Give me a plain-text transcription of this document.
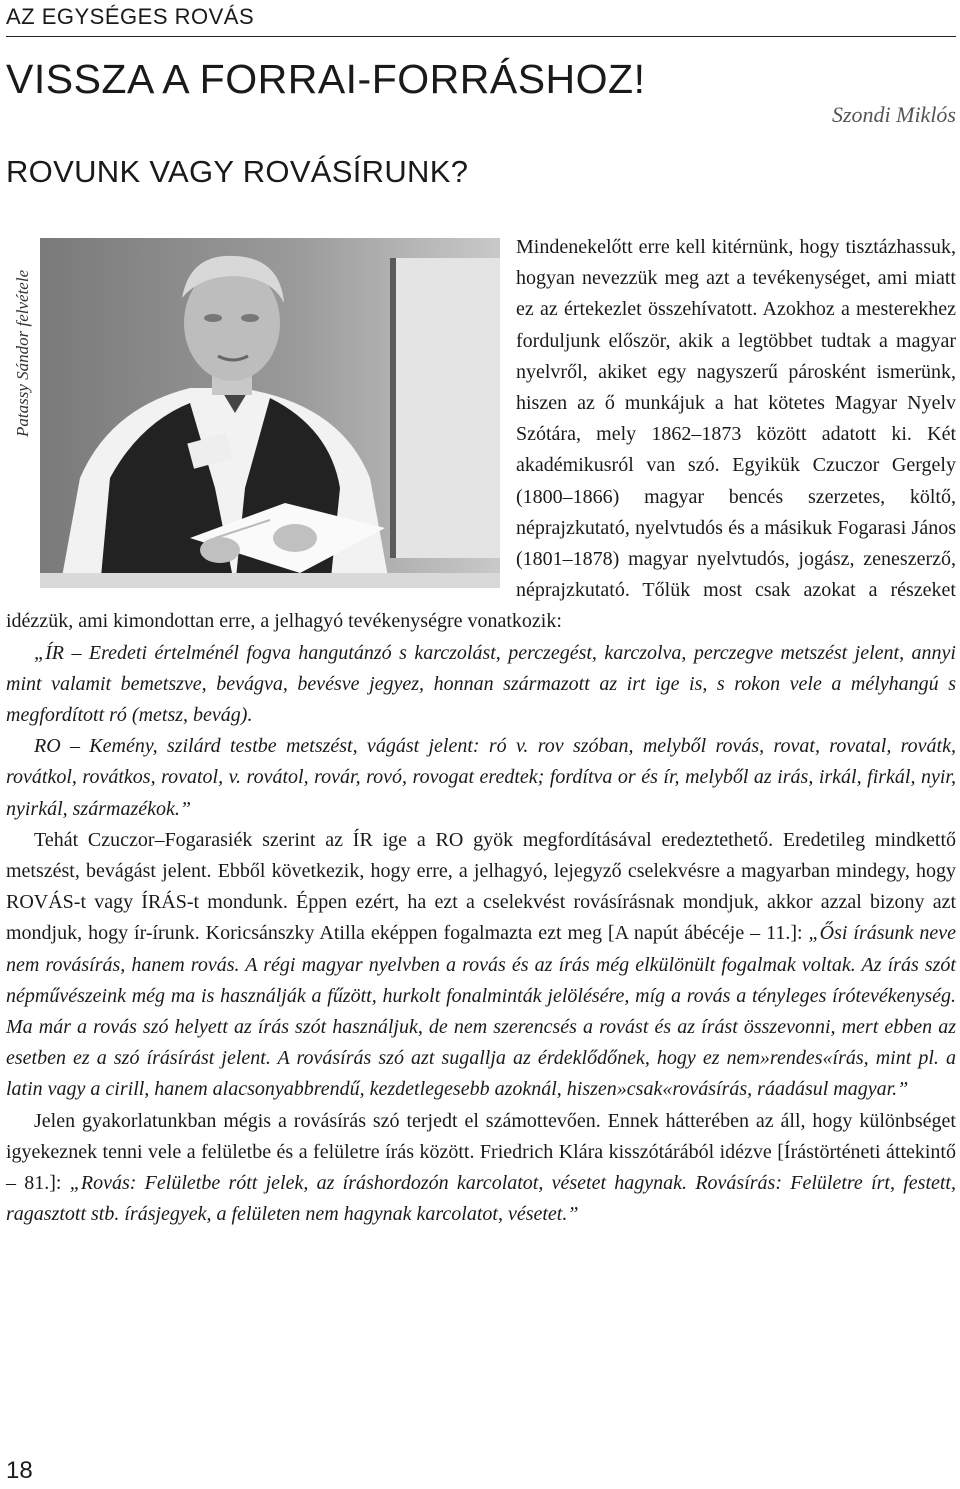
AZ EGYSÉGES ROVÁS
VISSZA A FORRAI-FORRÁSHOZ!
Szondi Miklós
ROVUNK VAGY ROVÁSÍRUNK?
Patassy Sándor felvétele

Mindenekelőtt erre kell kitérnünk, hogy tisztázhassuk, hogyan nevezzük meg azt a tevékenységet, ami miatt ez az értekezlet összehívatott. Azokhoz a mesterekhez forduljunk először, akik a legtöbbet tudtak a magyar nyelvről, akiket egy nagyszerű párosként ismerünk, hiszen az ő munkájuk a hat kötetes Magyar Nyelv Szótára, mely 1862–1873 között adatott ki. Két akadémikusról van szó. Egyikük Czuczor Gergely (1800–1866) magyar bencés szerzetes, költő, néprajzkutató, nyelvtudós és a másikuk Fogarasi János (1801–1878) magyar nyelvtudós, jogász, zeneszerző, néprajzkutató. Tőlük most csak azokat a részeket idézzük, ami kimondottan erre, a jelhagyó tevékenységre vonatkozik:

„ÍR – Eredeti értelménél fogva hangutánzó s karczolást, perczegést, karczolva, perczegve metszést jelent, annyi mint valamit bemetszve, bevágva, bevésve jegyez, honnan származott az irt ige is, s rokon vele a mélyhangú s megfordított ró (metsz, bevág).

RO – Kemény, szilárd testbe metszést, vágást jelent: ró v. rov szóban, melyből rovás, rovat, rovatal, rovátk, rovátkol, rovátkos, rovatol, v. rovátol, rovár, rovó, rovogat eredtek; fordítva or és ír, melyből az irás, irkál, firkál, nyir, nyirkál, származékok.”

Tehát Czuczor–Fogarasiék szerint az ÍR ige a RO gyök megfordításával eredeztethető. Eredetileg mindkettő metszést, bevágást jelent. Ebből következik, hogy erre, a jelhagyó, lejegyző cselekvésre a magyarban mindegy, hogy ROVÁS-t vagy ÍRÁS-t mondunk. Éppen ezért, ha ezt a cselekvést rovásírásnak mondjuk, akkor azzal bizony azt mondjuk, hogy ír-írunk. Koricsánszky Atilla eképpen fogalmazta ezt meg [A napút ábécéje – 11.]: „Ősi írásunk neve nem rovásírás, hanem rovás. A régi magyar nyelvben a rovás és az írás még elkülönült fogalmak voltak. Az írás szót népművészeink még ma is használják a fűzött, hurkolt fonalminták jelölésére, míg a rovás a tényleges írótevékenység. Ma már a rovás szó helyett az írás szót használjuk, de nem szerencsés a rovást és az írást összevonni, mert ebben az esetben ez a szó írásírást jelent. A rovásírás szó azt sugallja az érdeklődőnek, hogy ez nem»rendes«írás, mint pl. a latin vagy a cirill, hanem alacsonyabbrendű, kezdetlegesebb azoknál, hiszen»csak«rovásírás, ráadásul magyar.”

Jelen gyakorlatunkban mégis a rovásírás szó terjedt el számottevően. Ennek hátterében az áll, hogy különbséget igyekeznek tenni vele a felületbe és a felületre írás között. Friedrich Klára kisszótárából idézve [Írástörténeti áttekintő – 81.]: „Rovás: Felületbe rótt jelek, az íráshordozón karcolatot, vésetet hagynak. Rovásírás: Felületre írt, festett, ragasztott stb. írásjegyek, a felületen nem hagynak karcolatot, vésetet.”

18
